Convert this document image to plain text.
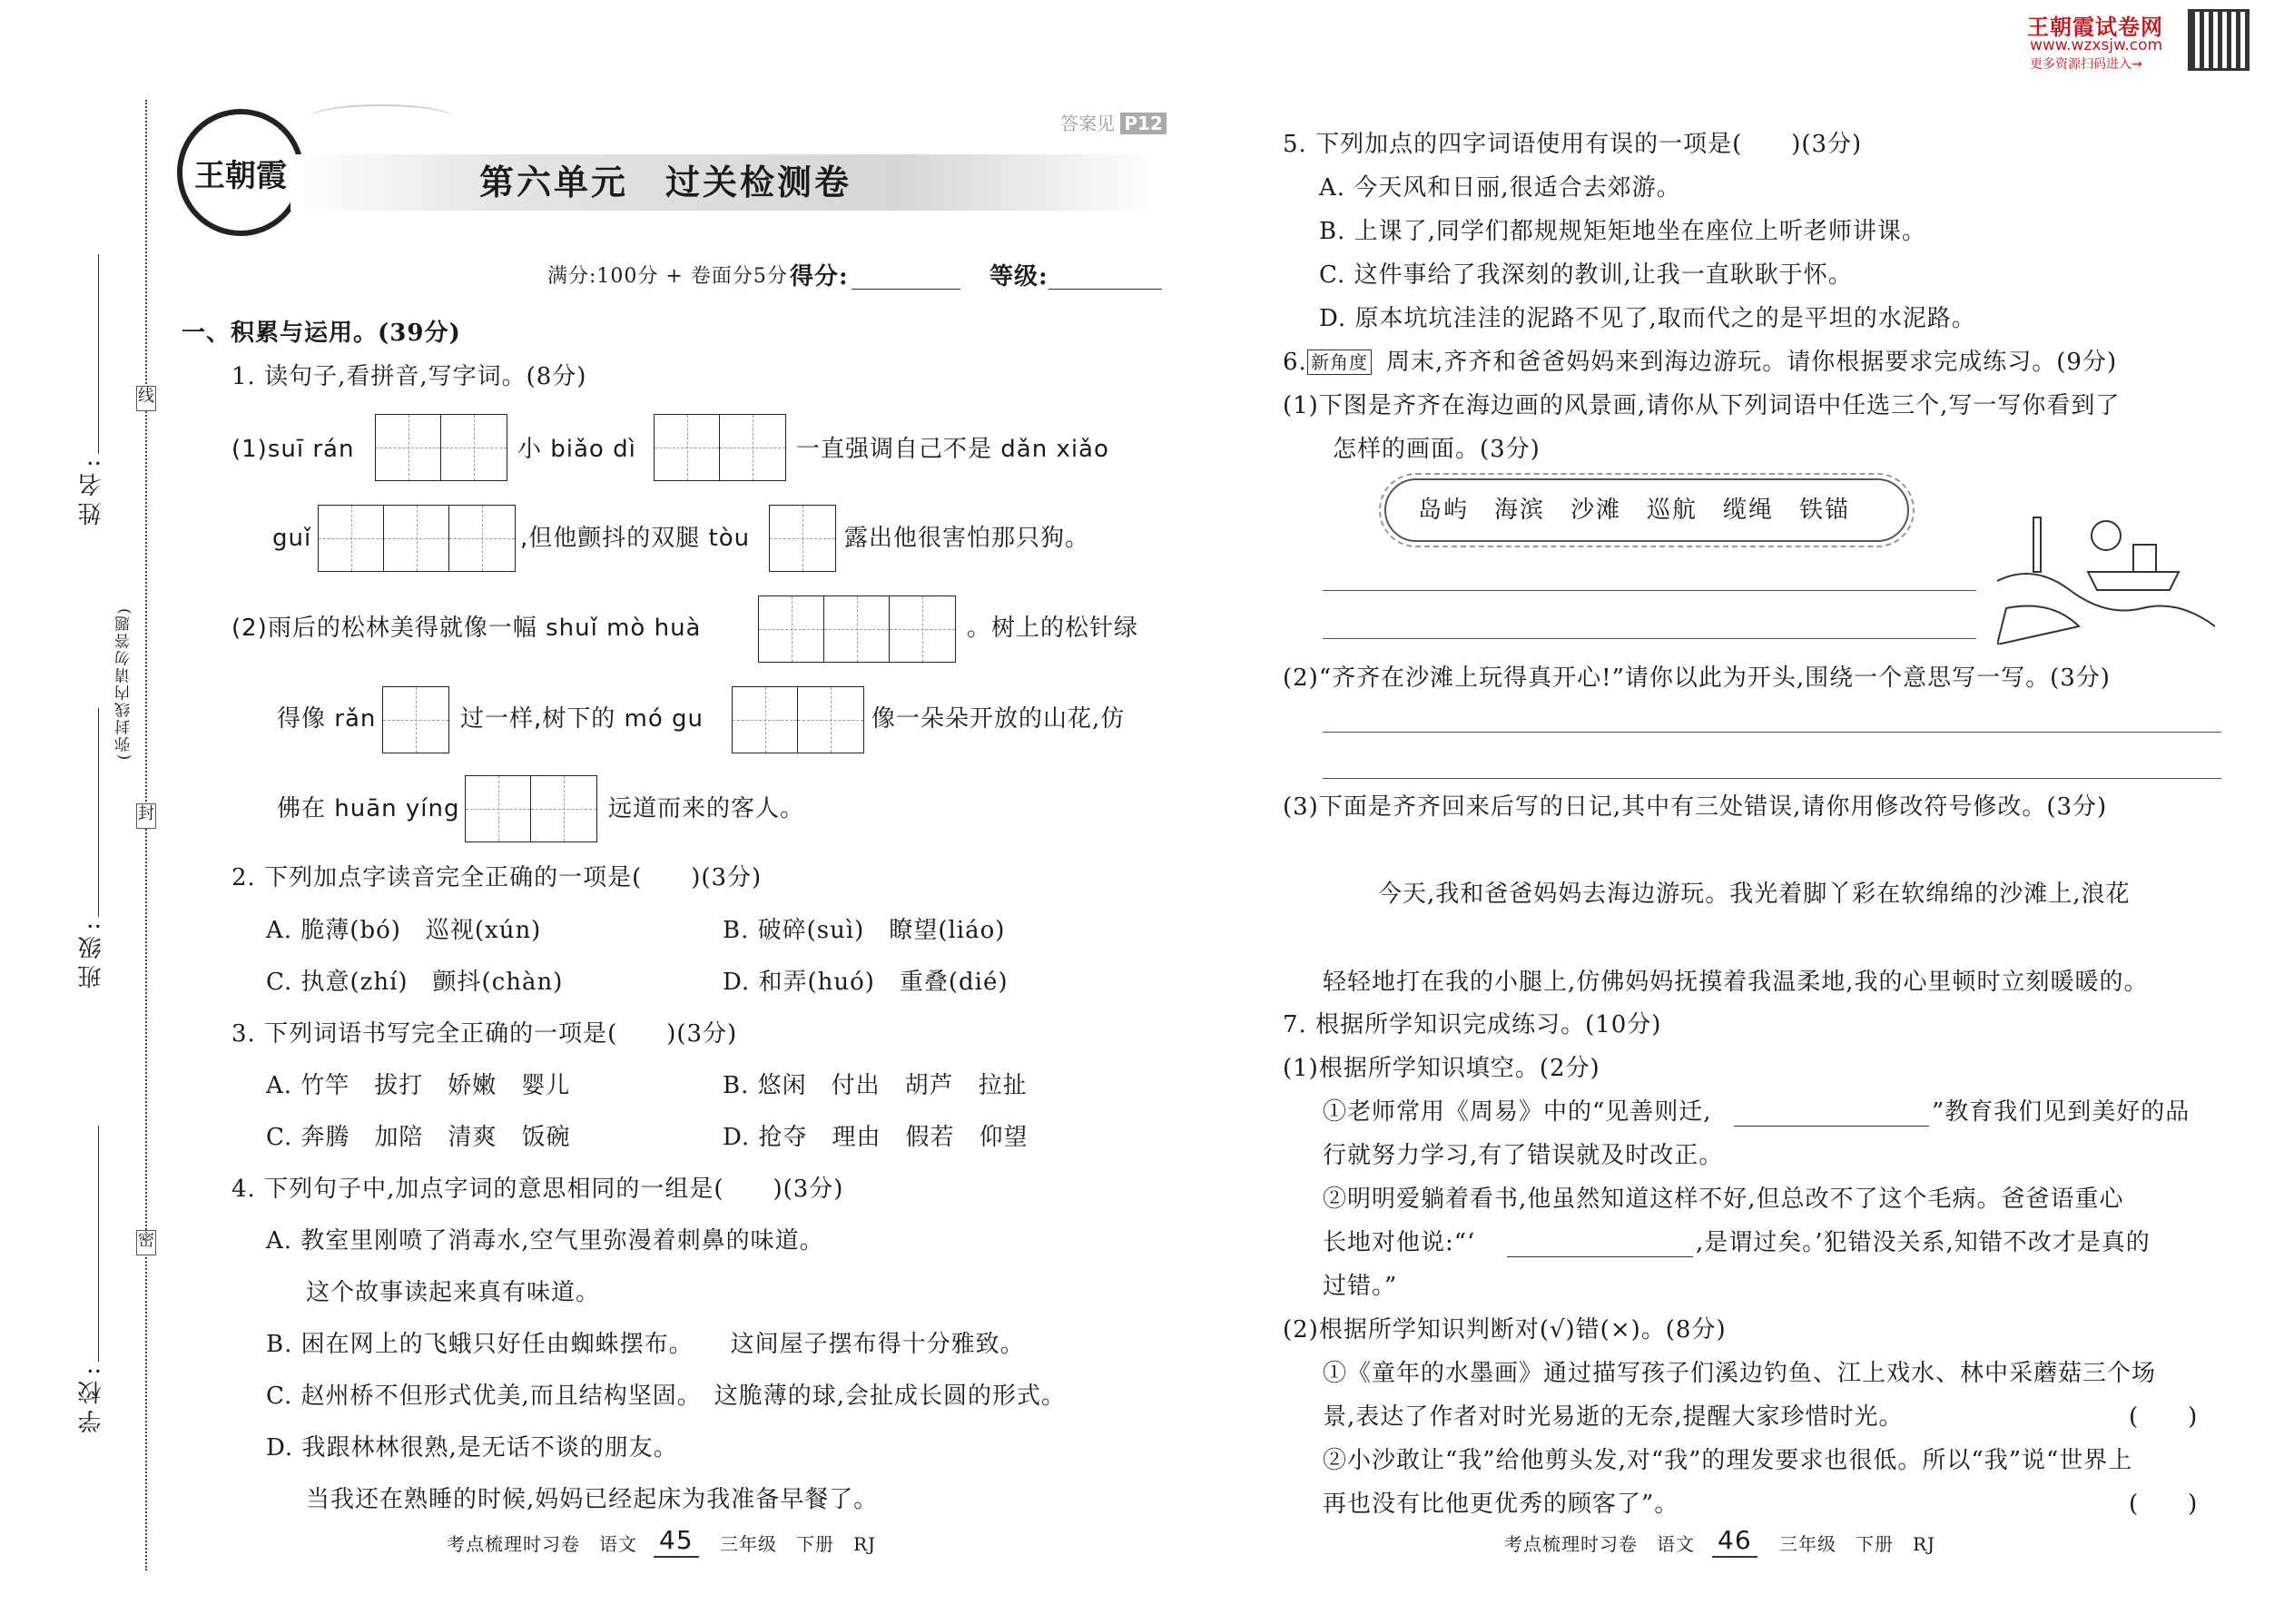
姓名:
班级:
学校:
线
封
密
(弥封线内请勿答题)
王朝霞试卷网
www.wzxsjw.com
更多资源扫码进入→
王朝霞
答案见 P12
第六单元　过关检测卷
满分:100分 + 卷面分5分 得分:	等级:
一、积累与运用。(39分)
1. 读句子,看拼音,写字词。(8分)
(1)suī rán	小 biǎo dì	一直强调自己不是 dǎn xiǎo
guǐ	,但他颤抖的双腿 tòu	露出他很害怕那只狗。
(2)雨后的松林美得就像一幅 shuǐ mò huà	。树上的松针绿
得像 rǎn	过一样,树下的 mó gu	像一朵朵开放的山花,仿
佛在 huān yíng	远道而来的客人。
2. 下列加点字读音完全正确的一项是(　　)(3分)
A. 脆薄(bó)　巡视(xún)	B. 破碎(suì)　瞭望(liáo)
C. 执意(zhí)　颤抖(chàn)	D. 和弄(huó)　重叠(dié)
3. 下列词语书写完全正确的一项是(　　)(3分)
A. 竹竿　拔打　娇嫩　婴儿	B. 悠闲　付出　胡芦　拉扯
C. 奔腾　加陪　清爽　饭碗	D. 抢夺　理由　假若　仰望
4. 下列句子中,加点字词的意思相同的一组是(　　)(3分)
A. 教室里刚喷了消毒水,空气里弥漫着刺鼻的味道。
这个故事读起来真有味道。
B. 困在网上的飞蛾只好任由蜘蛛摆布。　　这间屋子摆布得十分雅致。
C. 赵州桥不但形式优美,而且结构坚固。　这脆薄的球,会扯成长圆的形式。
D. 我跟林林很熟,是无话不谈的朋友。
当我还在熟睡的时候,妈妈已经起床为我准备早餐了。
考点梳理时习卷　语文 45	三年级　下册　RJ
5. 下列加点的四字词语使用有误的一项是(　　)(3分)
A. 今天风和日丽,很适合去郊游。
B. 上课了,同学们都规规矩矩地坐在座位上听老师讲课。
C. 这件事给了我深刻的教训,让我一直耿耿于怀。
D. 原本坑坑洼洼的泥路不见了,取而代之的是平坦的水泥路。
6. 新角度 周末,齐齐和爸爸妈妈来到海边游玩。请你根据要求完成练习。(9分)
(1)下图是齐齐在海边画的风景画,请你从下列词语中任选三个,写一写你看到了
怎样的画面。(3分)
岛屿　海滨　沙滩　巡航　缆绳　铁锚
(2)“齐齐在沙滩上玩得真开心!”请你以此为开头,围绕一个意思写一写。(3分)
(3)下面是齐齐回来后写的日记,其中有三处错误,请你用修改符号修改。(3分)
今天,我和爸爸妈妈去海边游玩。我光着脚丫彩在软绵绵的沙滩上,浪花
轻轻地打在我的小腿上,仿佛妈妈抚摸着我温柔地,我的心里顿时立刻暖暖的。
7. 根据所学知识完成练习。(10分)
(1)根据所学知识填空。(2分)
①老师常用《周易》中的“见善则迁,	”教育我们见到美好的品
行就努力学习,有了错误就及时改正。
②明明爱躺着看书,他虽然知道这样不好,但总改不了这个毛病。爸爸语重心
长地对他说:“‘	,是谓过矣。’犯错没关系,知错不改才是真的
过错。”
(2)根据所学知识判断对(√)错(×)。(8分)
①《童年的水墨画》通过描写孩子们溪边钓鱼、江上戏水、林中采蘑菇三个场
景,表达了作者对时光易逝的无奈,提醒大家珍惜时光。	(　　)
②小沙敢让“我”给他剪头发,对“我”的理发要求也很低。所以“我”说“世界上
再也没有比他更优秀的顾客了”。	(　　)
考点梳理时习卷　语文 46	三年级　下册　RJ
